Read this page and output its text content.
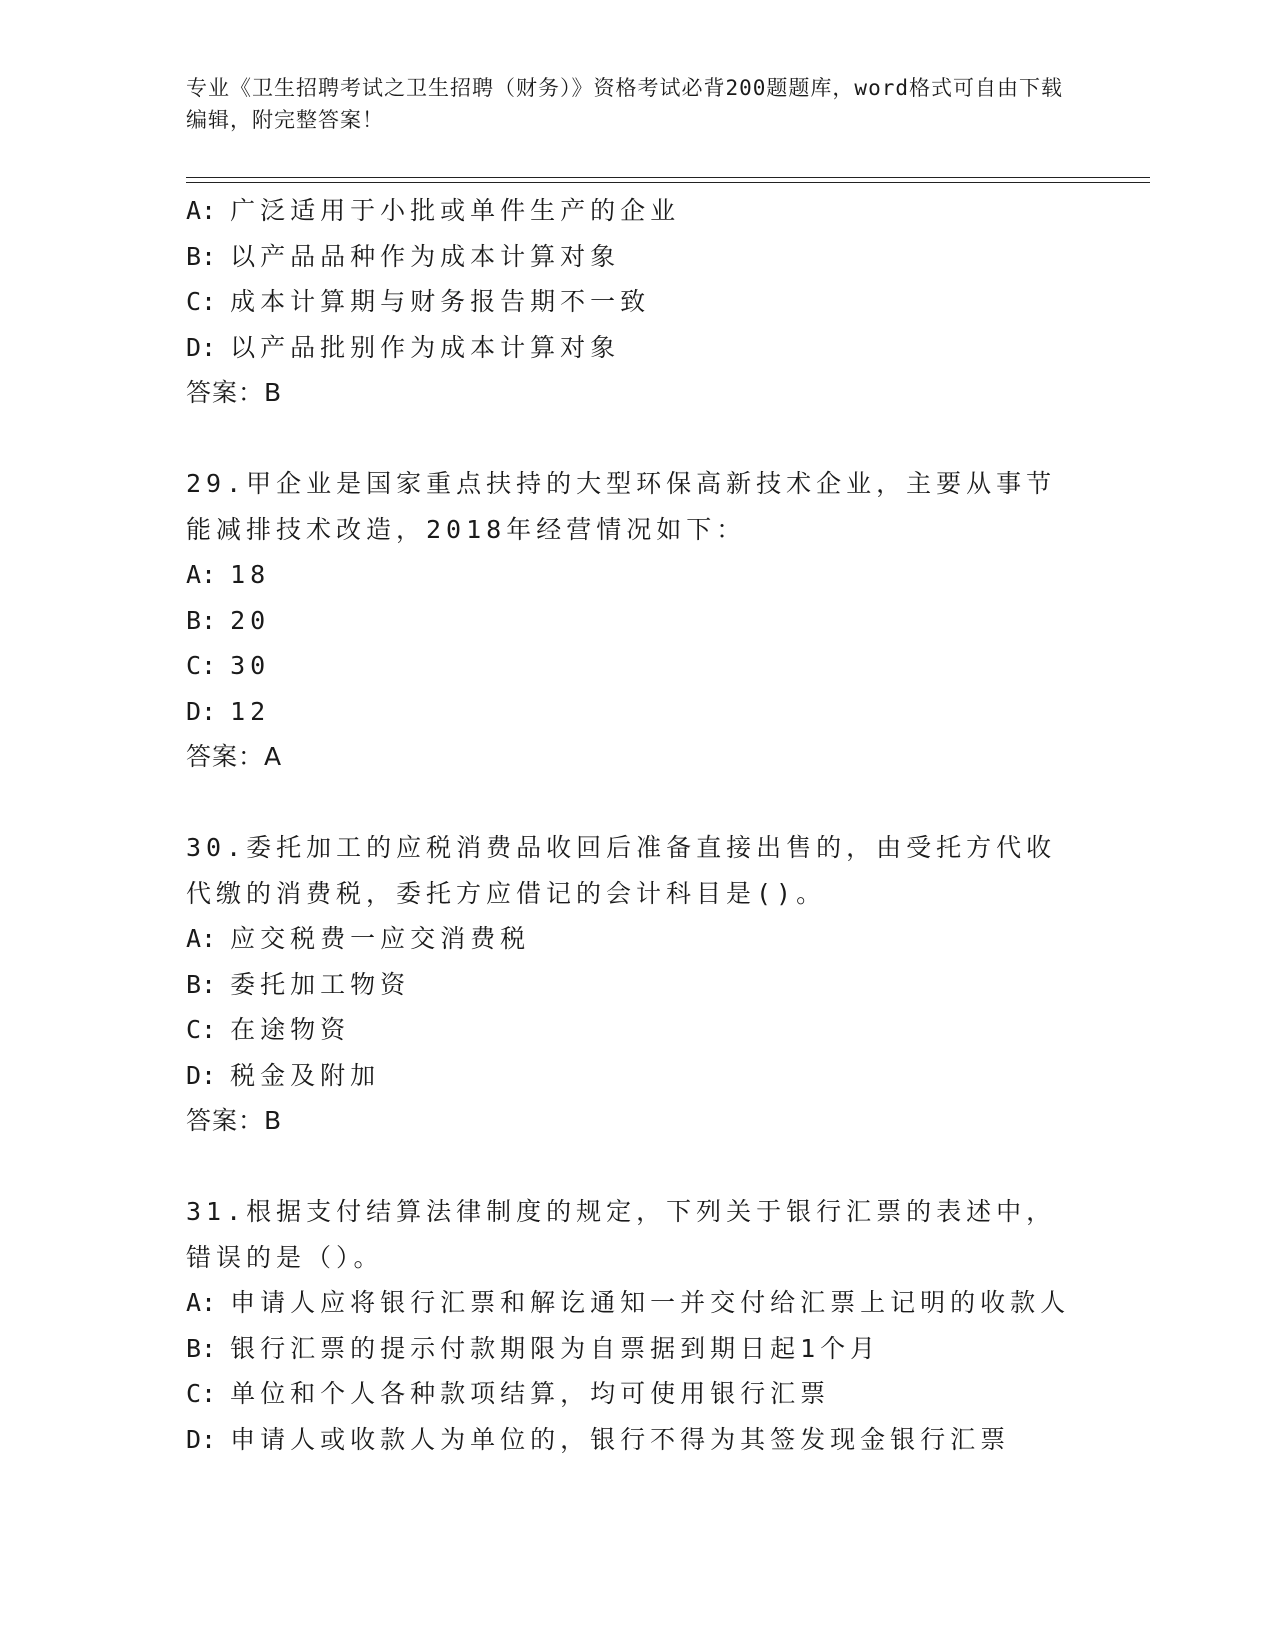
专业《卫生招聘考试之卫生招聘（财务）》资格考试必背200题题库，word格式可自由下载编辑，附完整答案！
A: 广泛适用于小批或单件生产的企业
B: 以产品品种作为成本计算对象
C: 成本计算期与财务报告期不一致
D: 以产品批别作为成本计算对象
答案：B
29.甲企业是国家重点扶持的大型环保高新技术企业，主要从事节能减排技术改造，2018年经营情况如下：
A: 18
B: 20
C: 30
D: 12
答案：A
30.委托加工的应税消费品收回后准备直接出售的，由受托方代收代缴的消费税，委托方应借记的会计科目是()。
A: 应交税费一应交消费税
B: 委托加工物资
C: 在途物资
D: 税金及附加
答案：B
31.根据支付结算法律制度的规定，下列关于银行汇票的表述中，错误的是（）。
A: 申请人应将银行汇票和解讫通知一并交付给汇票上记明的收款人
B: 银行汇票的提示付款期限为自票据到期日起1个月
C: 单位和个人各种款项结算，均可使用银行汇票
D: 申请人或收款人为单位的，银行不得为其签发现金银行汇票
